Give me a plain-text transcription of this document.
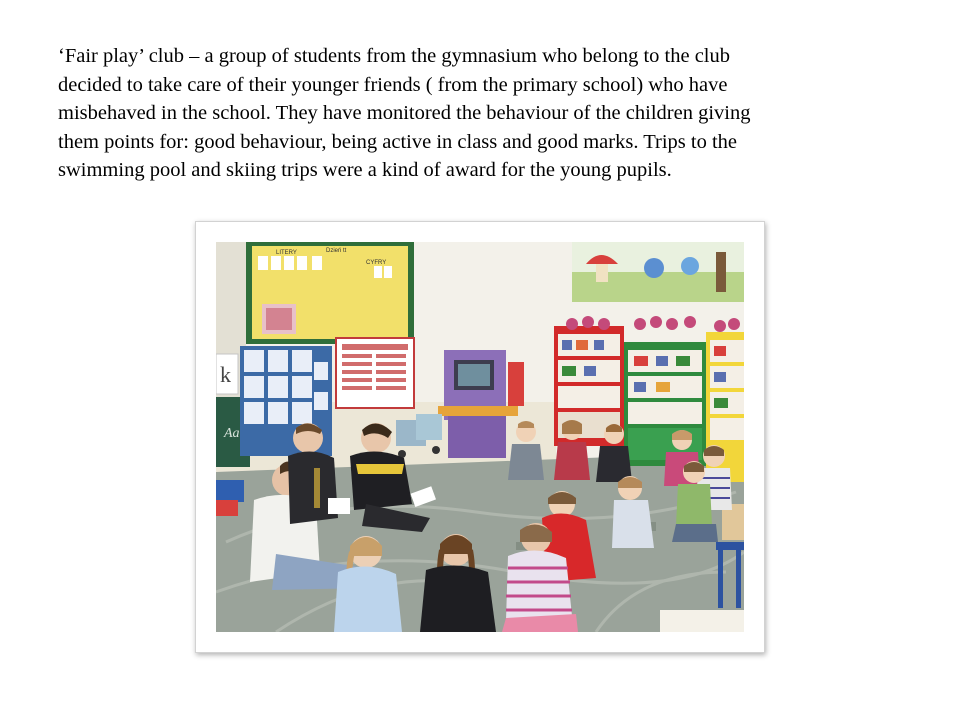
‘Fair play’ club – a group of students from the gymnasium who belong to the club
decided to take care of their younger friends ( from the primary school) who have
misbehaved in the school. They have monitored the behaviour of the children giving
them points for: good behaviour, being active in class and good marks. Trips to the
swimming pool and skiing trips were a kind of award for the young pupils.

LITERY	Dzień tt
CYFRY
k
Aa
